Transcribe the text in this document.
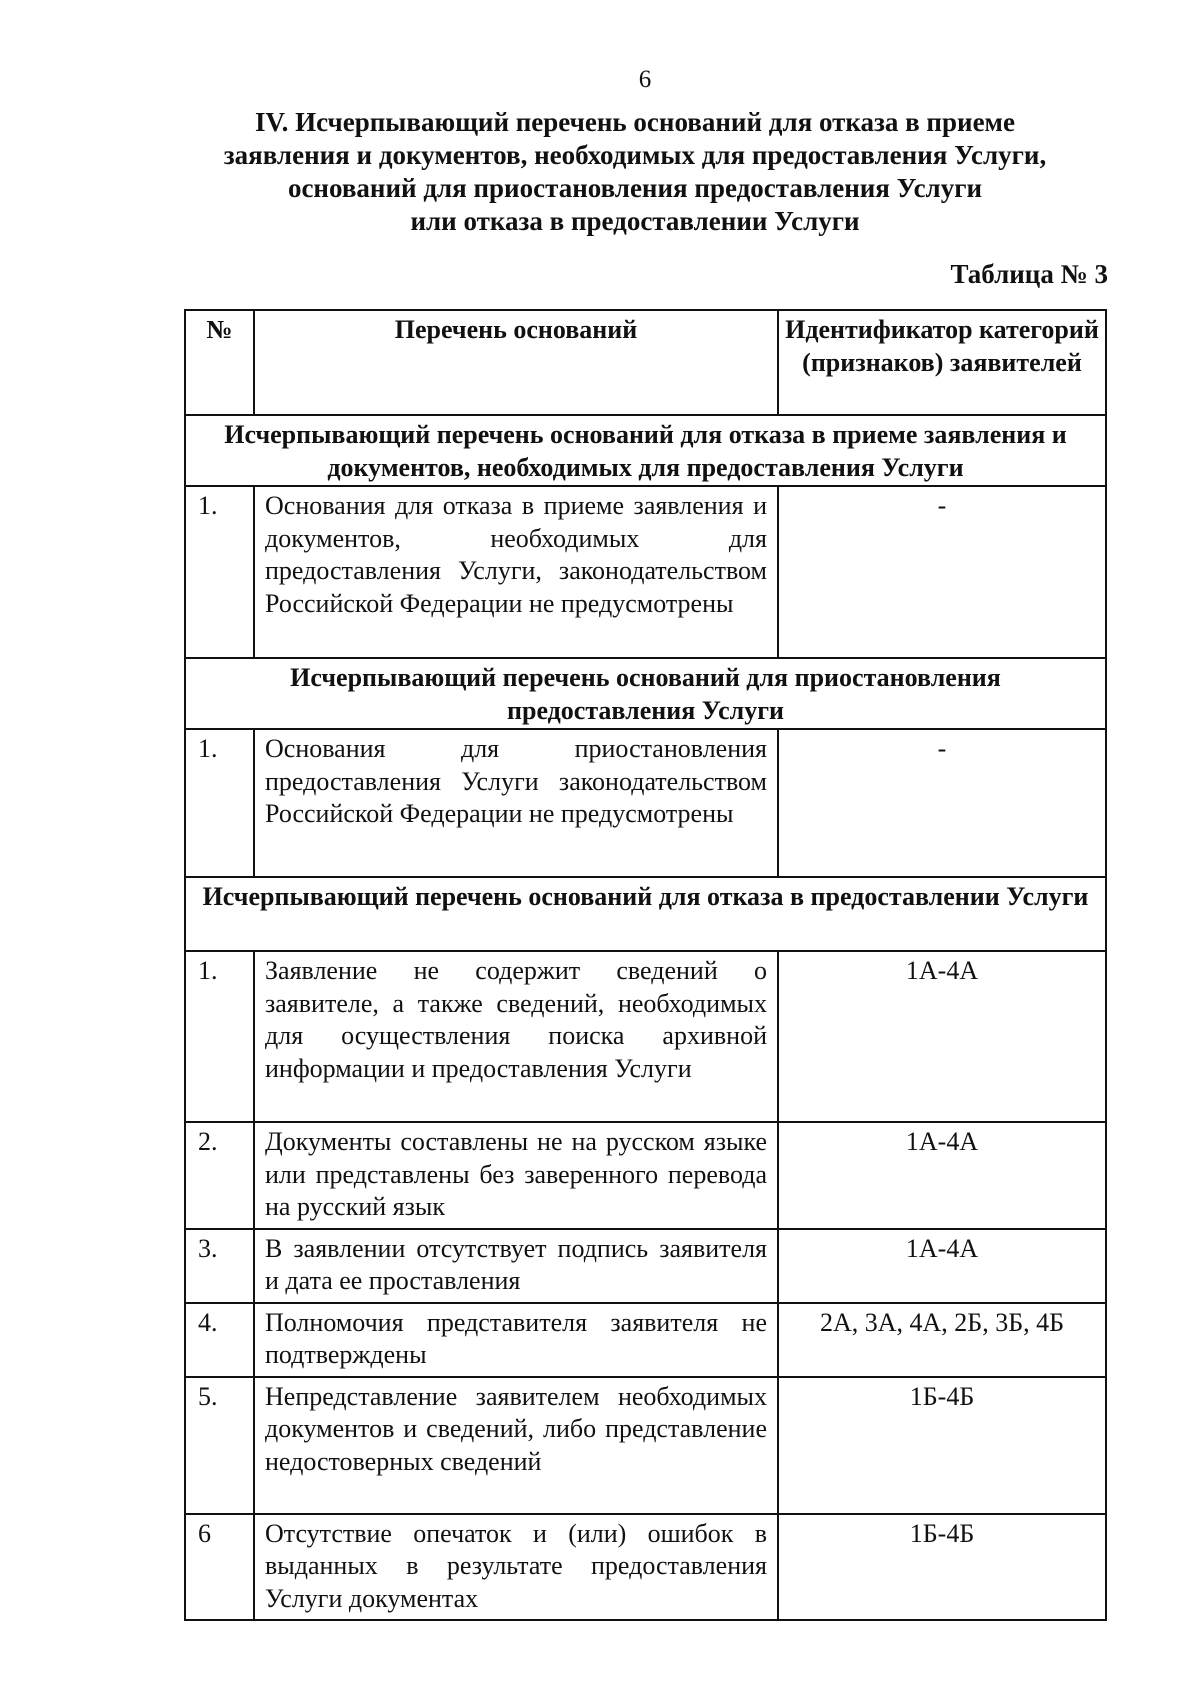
6
IV. Исчерпывающий перечень оснований для отказа в приеме
заявления и документов, необходимых для предоставления Услуги,
оснований для приостановления предоставления Услуги
или отказа в предоставлении Услуги
Таблица № 3
№	Перечень оснований	Идентификатор категорий (признаков) заявителей
Исчерпывающий перечень оснований для отказа в приеме заявления и документов, необходимых для предоставления Услуги		
1.	Основания для отказа в приеме заявления и документов, необходимых для предоставления Услуги, законодательством Российской Федерации не предусмотрены	-
Исчерпывающий перечень оснований для приостановления предоставления Услуги		
1.	Основания для приостановления предоставления Услуги законодательством Российской Федерации не предусмотрены	-
Исчерпывающий перечень оснований для отказа в предоставлении Услуги		
1.	Заявление не содержит сведений о заявителе, а также сведений, необходимых для осуществления поиска архивной информации и предоставления Услуги	1А-4А
2.	Документы составлены не на русском языке или представлены без заверенного перевода на русский язык	1А-4А
3.	В заявлении отсутствует подпись заявителя и дата ее проставления	1А-4А
4.	Полномочия представителя заявителя не подтверждены	2А, 3А, 4А, 2Б, 3Б, 4Б
5.	Непредставление заявителем необходимых документов и сведений, либо представление недостоверных сведений	1Б-4Б
6	Отсутствие опечаток и (или) ошибок в выданных в результате предоставления Услуги документах	1Б-4Б
